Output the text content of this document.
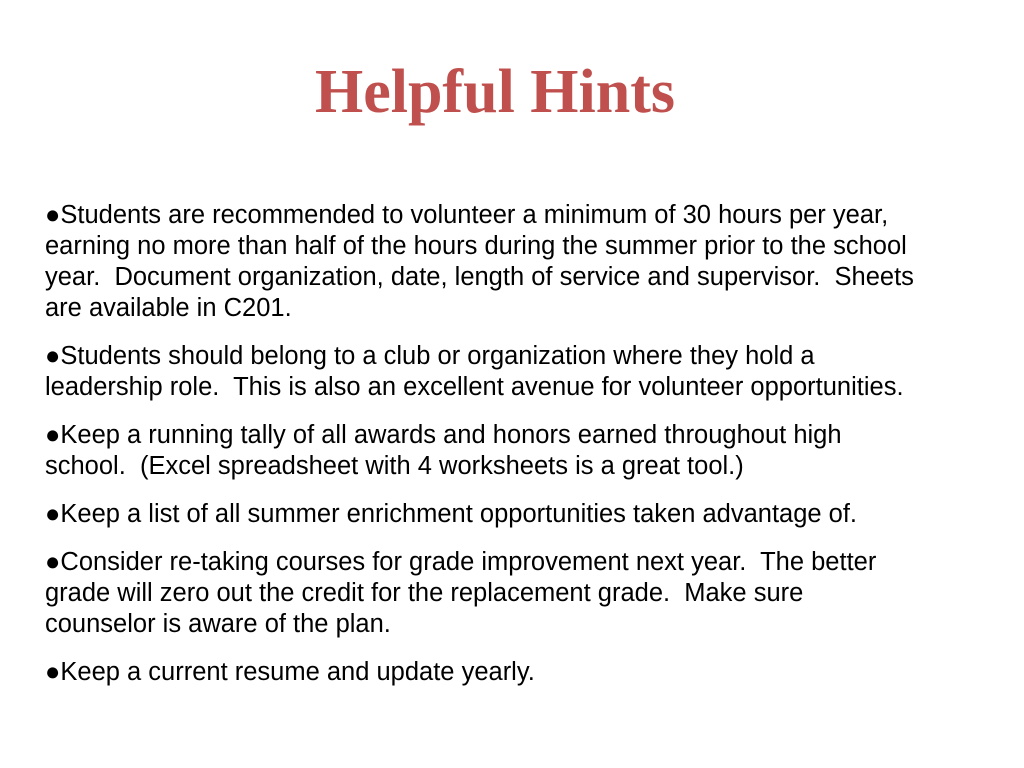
Helpful Hints
●Students are recommended to volunteer a minimum of 30 hours per year,
earning no more than half of the hours during the summer prior to the school
year.  Document organization, date, length of service and supervisor.  Sheets
are available in C201.
●Students should belong to a club or organization where they hold a
leadership role.  This is also an excellent avenue for volunteer opportunities.
●Keep a running tally of all awards and honors earned throughout high
school.  (Excel spreadsheet with 4 worksheets is a great tool.)
●Keep a list of all summer enrichment opportunities taken advantage of.
●Consider re-taking courses for grade improvement next year.  The better
grade will zero out the credit for the replacement grade.  Make sure
counselor is aware of the plan.
●Keep a current resume and update yearly.
